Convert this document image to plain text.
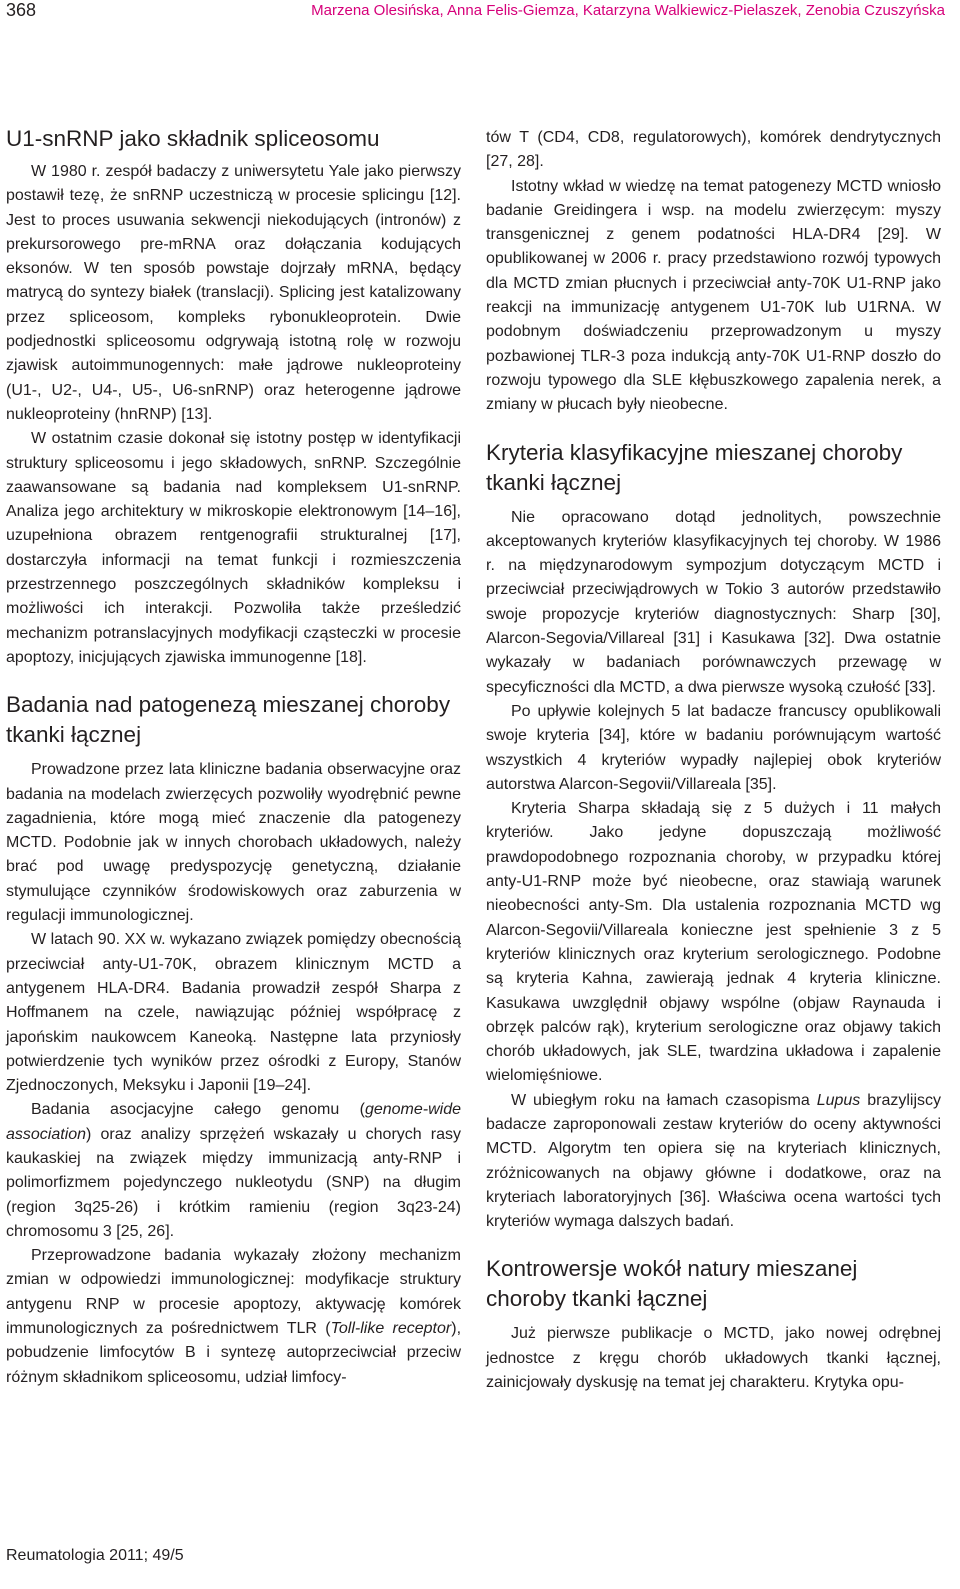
368	Marzena Olesińska, Anna Felis-Giemza, Katarzyna Walkiewicz-Pielaszek, Zenobia Czuszyńska
U1-snRNP jako składnik spliceosomu

W 1980 r. zespół badaczy z uniwersytetu Yale jako pierwszy postawił tezę, że snRNP uczestniczą w procesie splicingu [12]. Jest to proces usuwania sekwencji niekodujących (intronów) z prekursorowego pre-mRNA oraz dołączania kodujących eksonów. W ten sposób powstaje dojrzały mRNA, będący matrycą do syntezy białek (translacji). Splicing jest katalizowany przez spliceosom, kompleks rybonukleoprotein. Dwie podjednostki spliceosomu odgrywają istotną rolę w rozwoju zjawisk autoimmunogennych: małe jądrowe nukleoproteiny (U1-, U2-, U4-, U5-, U6-snRNP) oraz heterogenne jądrowe nukleoproteiny (hnRNP) [13].

W ostatnim czasie dokonał się istotny postęp w identyfikacji struktury spliceosomu i jego składowych, snRNP. Szczególnie zaawansowane są badania nad kompleksem U1-snRNP. Analiza jego architektury w mikroskopie elektronowym [14–16], uzupełniona obrazem rentgenografii strukturalnej [17], dostarczyła informacji na temat funkcji i rozmieszczenia przestrzennego poszczególnych składników kompleksu i możliwości ich interakcji. Pozwoliła także prześledzić mechanizm potranslacyjnych modyfikacji cząsteczki w procesie apoptozy, inicjujących zjawiska immunogenne [18].

Badania nad patogenezą mieszanej choroby tkanki łącznej

Prowadzone przez lata kliniczne badania obserwacyjne oraz badania na modelach zwierzęcych pozwoliły wyodrębnić pewne zagadnienia, które mogą mieć znaczenie dla patogenezy MCTD. Podobnie jak w innych chorobach układowych, należy brać pod uwagę predyspozycję genetyczną, działanie stymulujące czynników środowiskowych oraz zaburzenia w regulacji immunologicznej.

W latach 90. XX w. wykazano związek pomiędzy obecnością przeciwciał anty-U1-70K, obrazem klinicznym MCTD a antygenem HLA-DR4. Badania prowadził zespół Sharpa z Hoffmanem na czele, nawiązując później współpracę z japońskim naukowcem Kaneoką. Następne lata przyniosły potwierdzenie tych wyników przez ośrodki z Europy, Stanów Zjednoczonych, Meksyku i Japonii [19–24].

Badania asocjacyjne całego genomu (genome-wide association) oraz analizy sprzężeń wskazały u chorych rasy kaukaskiej na związek między immunizacją anty-RNP i polimorfizmem pojedynczego nukleotydu (SNP) na długim (region 3q25-26) i krótkim ramieniu (region 3q23-24) chromosomu 3 [25, 26].

Przeprowadzone badania wykazały złożony mechanizm zmian w odpowiedzi immunologicznej: modyfikacje struktury antygenu RNP w procesie apoptozy, aktywację komórek immunologicznych za pośrednictwem TLR (Toll-like receptor), pobudzenie limfocytów B i syntezę autoprzeciwciał przeciw różnym składnikom spliceosomu, udział limfocy-

tów T (CD4, CD8, regulatorowych), komórek dendrytycznych [27, 28].

Istotny wkład w wiedzę na temat patogenezy MCTD wniosło badanie Greidingera i wsp. na modelu zwierzęcym: myszy transgenicznej z genem podatności HLA-DR4 [29]. W opublikowanej w 2006 r. pracy przedstawiono rozwój typowych dla MCTD zmian płucnych i przeciwciał anty-70K U1-RNP jako reakcji na immunizację antygenem U1-70K lub U1RNA. W podobnym doświadczeniu przeprowadzonym u myszy pozbawionej TLR-3 poza indukcją anty-70K U1-RNP doszło do rozwoju typowego dla SLE kłębuszkowego zapalenia nerek, a zmiany w płucach były nieobecne.

Kryteria klasyfikacyjne mieszanej choroby tkanki łącznej

Nie opracowano dotąd jednolitych, powszechnie akceptowanych kryteriów klasyfikacyjnych tej choroby. W 1986 r. na międzynarodowym sympozjum dotyczącym MCTD i przeciwciał przeciwjądrowych w Tokio 3 autorów przedstawiło swoje propozycje kryteriów diagnostycznych: Sharp [30], Alarcon-Segovia/Villareal [31] i Kasukawa [32]. Dwa ostatnie wykazały w badaniach porównawczych przewagę w specyficzności dla MCTD, a dwa pierwsze wysoką czułość [33].

Po upływie kolejnych 5 lat badacze francuscy opublikowali swoje kryteria [34], które w badaniu porównującym wartość wszystkich 4 kryteriów wypadły najlepiej obok kryteriów autorstwa Alarcon-Segovii/Villareala [35].

Kryteria Sharpa składają się z 5 dużych i 11 małych kryteriów. Jako jedyne dopuszczają możliwość prawdopodobnego rozpoznania choroby, w przypadku której anty-U1-RNP może być nieobecne, oraz stawiają warunek nieobecności anty-Sm. Dla ustalenia rozpoznania MCTD wg Alarcon-Segovii/Villareala konieczne jest spełnienie 3 z 5 kryteriów klinicznych oraz kryterium serologicznego. Podobne są kryteria Kahna, zawierają jednak 4 kryteria kliniczne. Kasukawa uwzględnił objawy wspólne (objaw Raynauda i obrzęk palców rąk), kryterium serologiczne oraz objawy takich chorób układowych, jak SLE, twardzina układowa i zapalenie wielomięśniowe.

W ubiegłym roku na łamach czasopisma Lupus brazylijscy badacze zaproponowali zestaw kryteriów do oceny aktywności MCTD. Algorytm ten opiera się na kryteriach klinicznych, zróżnicowanych na objawy główne i dodatkowe, oraz na kryteriach laboratoryjnych [36]. Właściwa ocena wartości tych kryteriów wymaga dalszych badań.

Kontrowersje wokół natury mieszanej choroby tkanki łącznej

Już pierwsze publikacje o MCTD, jako nowej odrębnej jednostce z kręgu chorób układowych tkanki łącznej, zainicjowały dyskusję na temat jej charakteru. Krytyka opu-

Reumatologia 2011; 49/5
